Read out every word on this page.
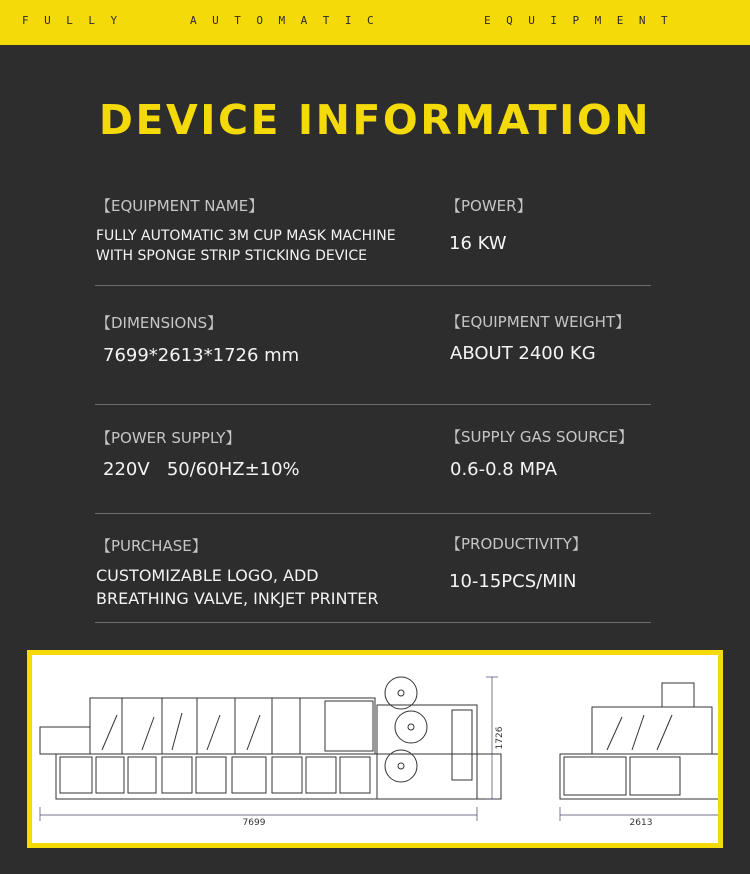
FULLY	AUTOMATIC	EQUIPMENT
DEVICE INFORMATION
【EQUIPMENT NAME】
FULLY AUTOMATIC 3M CUP MASK MACHINE
WITH SPONGE STRIP STICKING DEVICE
【POWER】
16 KW
【DIMENSIONS】
7699*2613*1726 mm
【EQUIPMENT WEIGHT】
ABOUT 2400 KG
【POWER SUPPLY】
220V   50/60HZ±10%
【SUPPLY GAS SOURCE】
0.6-0.8 MPA
【PURCHASE】
CUSTOMIZABLE LOGO, ADD
BREATHING VALVE, INKJET PRINTER
【PRODUCTIVITY】
10-15PCS/MIN
7699
1726
2613
